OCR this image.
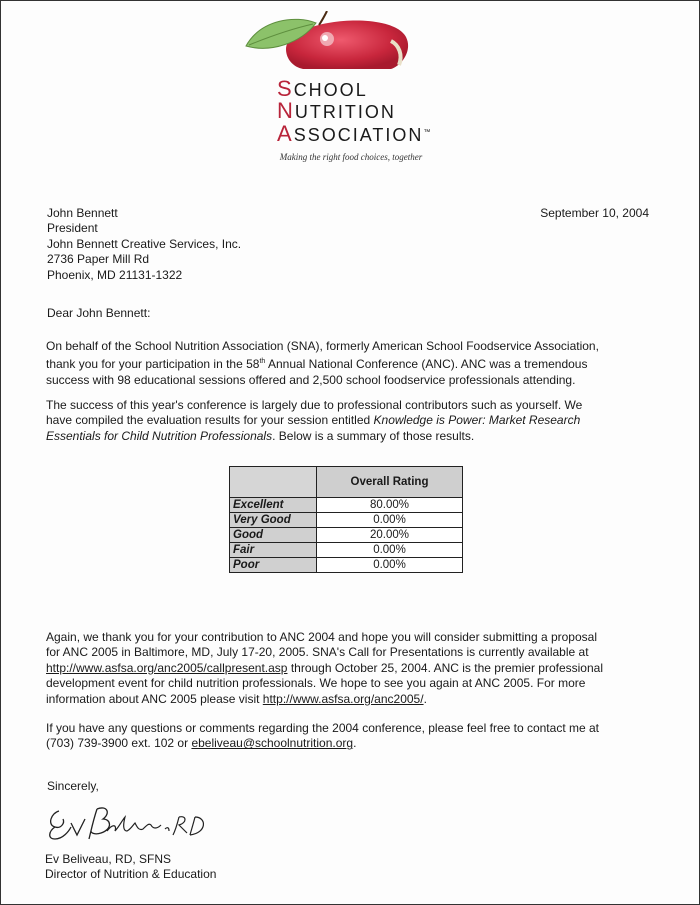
SCHOOL
NUTRITION
ASSOCIATION™
Making the right food choices, together
John Bennett
President
John Bennett Creative Services, Inc.
2736 Paper Mill Rd
Phoenix, MD 21131-1322
September 10, 2004
Dear John Bennett:
On behalf of the School Nutrition Association (SNA), formerly American School Foodservice Association,
thank you for your participation in the 58th Annual National Conference (ANC). ANC was a tremendous
success with 98 educational sessions offered and 2,500 school foodservice professionals attending.
The success of this year's conference is largely due to professional contributors such as yourself. We
have compiled the evaluation results for your session entitled Knowledge is Power: Market Research
Essentials for Child Nutrition Professionals. Below is a summary of those results.
	Overall Rating
Excellent	80.00%
Very Good	0.00%
Good	20.00%
Fair	0.00%
Poor	0.00%
Again, we thank you for your contribution to ANC 2004 and hope you will consider submitting a proposal
for ANC 2005 in Baltimore, MD, July 17-20, 2005. SNA's Call for Presentations is currently available at
http://www.asfsa.org/anc2005/callpresent.asp through October 25, 2004. ANC is the premier professional
development event for child nutrition professionals. We hope to see you again at ANC 2005. For more
information about ANC 2005 please visit http://www.asfsa.org/anc2005/.
If you have any questions or comments regarding the 2004 conference, please feel free to contact me at
(703) 739-3900 ext. 102 or ebeliveau@schoolnutrition.org.
Sincerely,
Ev Beliveau, RD, SFNS
Director of Nutrition & Education
